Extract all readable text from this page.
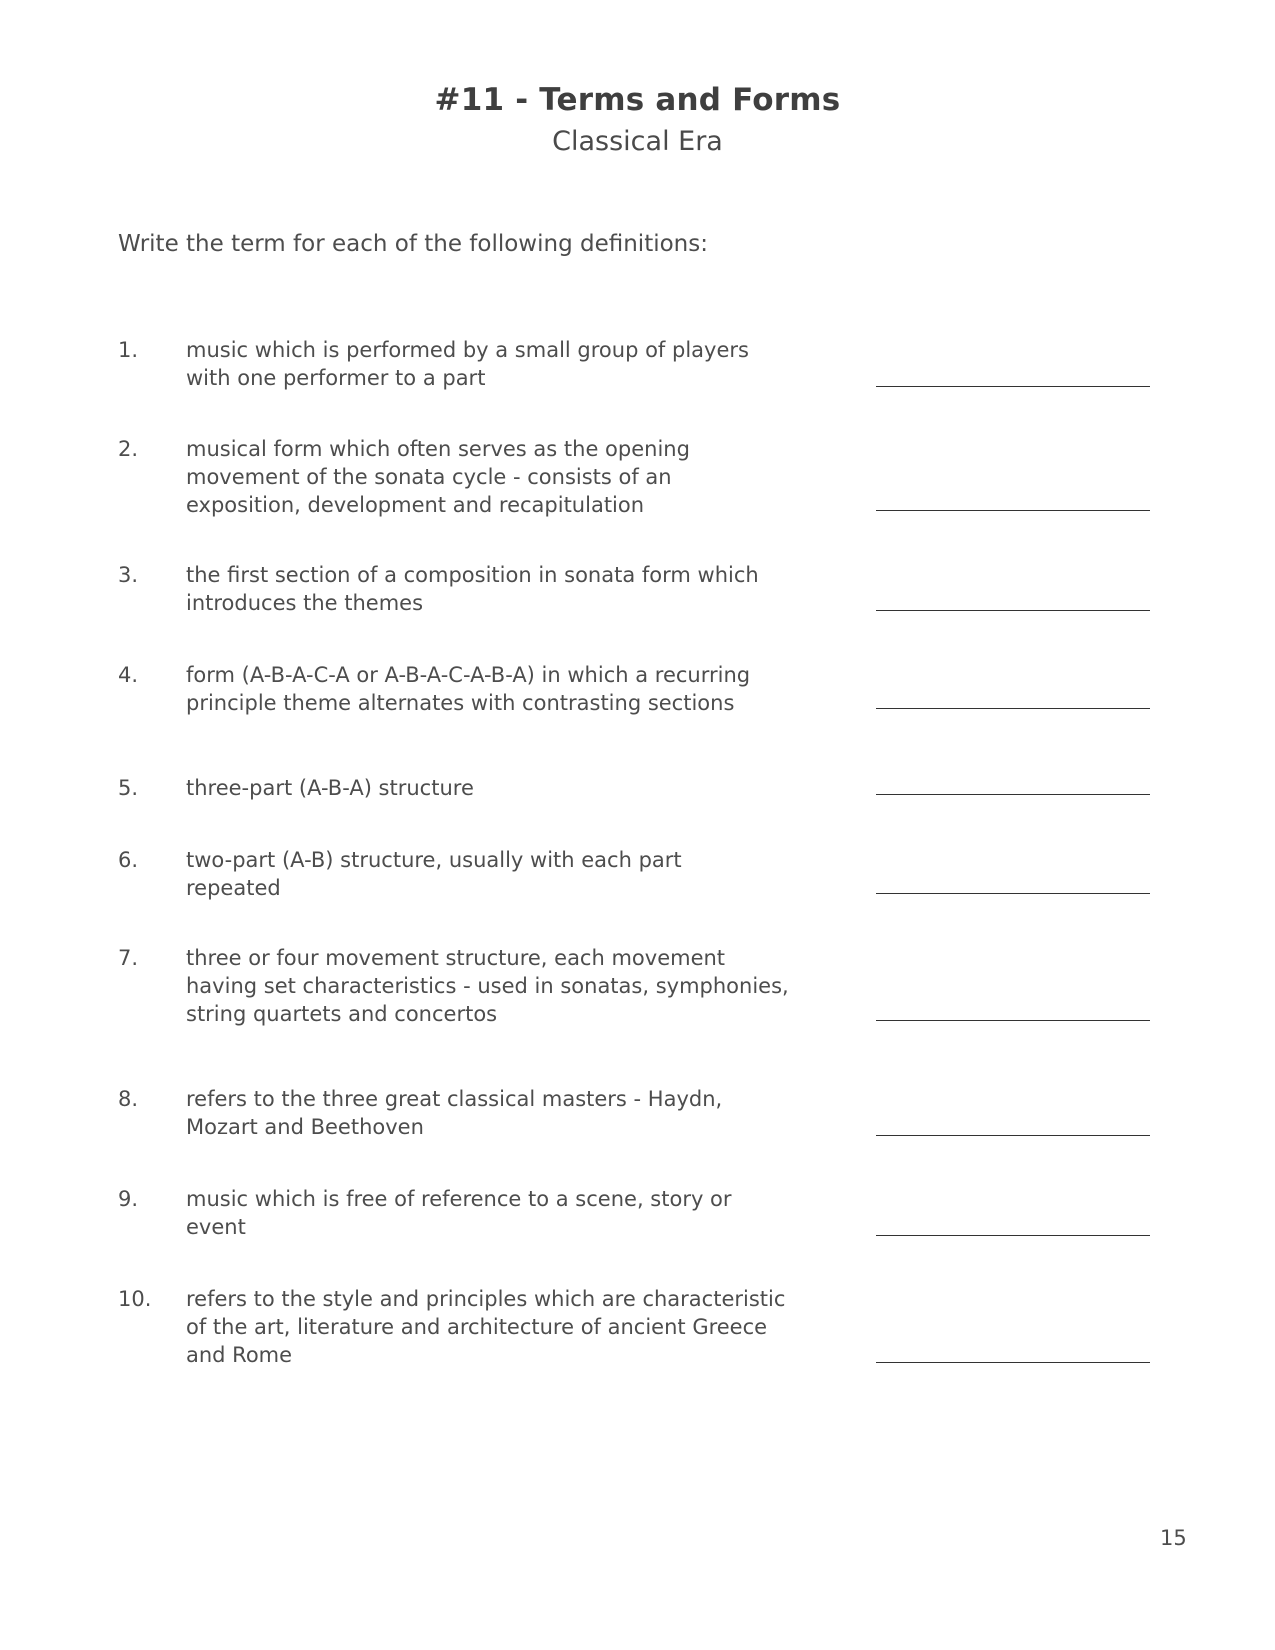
#11 - Terms and Forms
Classical Era
Write the term for each of the following definitions:
1. music which is performed by a small group of players
with one performer to a part
2. musical form which often serves as the opening
movement of the sonata cycle - consists of an
exposition, development and recapitulation
3. the first section of a composition in sonata form which
introduces the themes
4. form (A-B-A-C-A or A-B-A-C-A-B-A) in which a recurring
principle theme alternates with contrasting sections
5. three-part (A-B-A) structure
6. two-part (A-B) structure, usually with each part
repeated
7. three or four movement structure, each movement
having set characteristics - used in sonatas, symphonies,
string quartets and concertos
8. refers to the three great classical masters - Haydn,
Mozart and Beethoven
9. music which is free of reference to a scene, story or
event
10. refers to the style and principles which are characteristic
of the art, literature and architecture of ancient Greece
and Rome
15
